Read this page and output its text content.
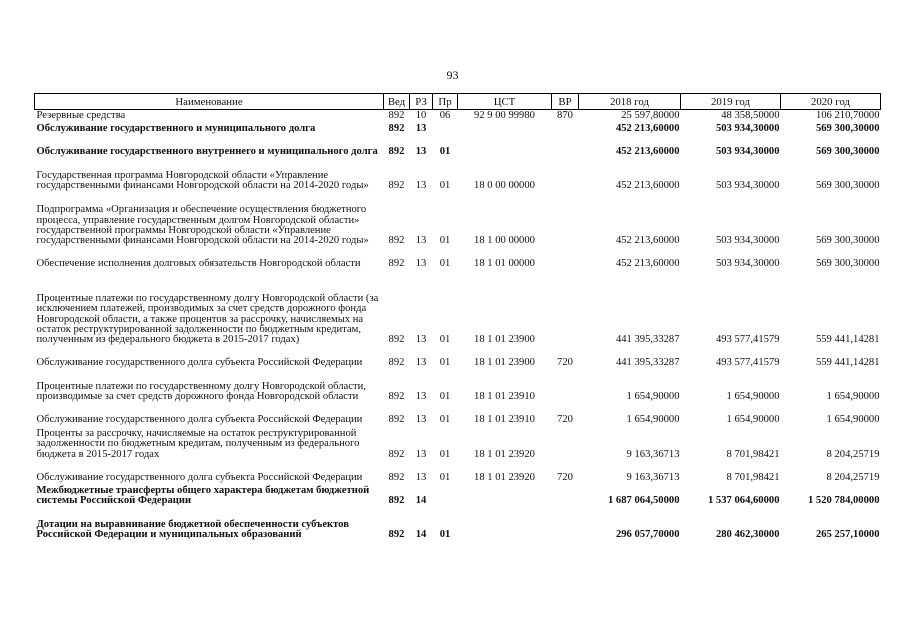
93
Наименование	Вед	РЗ	Пр	ЦСТ	ВР	2018 год	2019 год	2020 год
Резервные средства	892	10	06	92 9 00 99980	870	25 597,80000	48 358,50000	106 210,70000
Обслуживание государственного и муниципального долга	892	13				452 213,60000	503 934,30000	569 300,30000
Обслуживание государственного внутреннего и муниципального долга	892	13	01			452 213,60000	503 934,30000	569 300,30000
Государственная программа Новгородской области «Управление государственными финансами Новгородской области на 2014-2020 годы»	892	13	01	18 0 00 00000		452 213,60000	503 934,30000	569 300,30000
Подпрограмма «Организация и обеспечение осуществления бюджетного процесса, управление государственным долгом Новгородской области» государственной программы Новгородской области «Управление государственными финансами Новгородской области на 2014-2020 годы»	892	13	01	18 1 00 00000		452 213,60000	503 934,30000	569 300,30000
Обеспечение исполнения долговых обязательств Новгородской области	892	13	01	18 1 01 00000		452 213,60000	503 934,30000	569 300,30000
Процентные платежи по государственному долгу Новгородской области (за исключением платежей, производимых за счет средств дорожного фонда Новгородской области, а также процентов за рассрочку, начисляемых на остаток реструктурированной задолженности по бюджетным кредитам, полученным из федерального бюджета в 2015-2017 годах)	892	13	01	18 1 01 23900		441 395,33287	493 577,41579	559 441,14281
Обслуживание государственного долга субъекта Российской Федерации	892	13	01	18 1 01 23900	720	441 395,33287	493 577,41579	559 441,14281
Процентные платежи по государственному долгу Новгородской области, производимые за счет средств дорожного фонда Новгородской области	892	13	01	18 1 01 23910		1 654,90000	1 654,90000	1 654,90000
Обслуживание государственного долга субъекта Российской Федерации	892	13	01	18 1 01 23910	720	1 654,90000	1 654,90000	1 654,90000
Проценты за рассрочку, начисляемые на остаток реструктурированной задолженности по бюджетным кредитам, полученным из федерального бюджета в 2015-2017 годах	892	13	01	18 1 01 23920		9 163,36713	8 701,98421	8 204,25719
Обслуживание государственного долга субъекта Российской Федерации	892	13	01	18 1 01 23920	720	9 163,36713	8 701,98421	8 204,25719
Межбюджетные трансферты общего характера бюджетам бюджетной системы Российской Федерации	892	14				1 687 064,50000	1 537 064,60000	1 520 784,00000
Дотации на выравнивание бюджетной обеспеченности субъектов Российской Федерации и муниципальных образований	892	14	01			296 057,70000	280 462,30000	265 257,10000
